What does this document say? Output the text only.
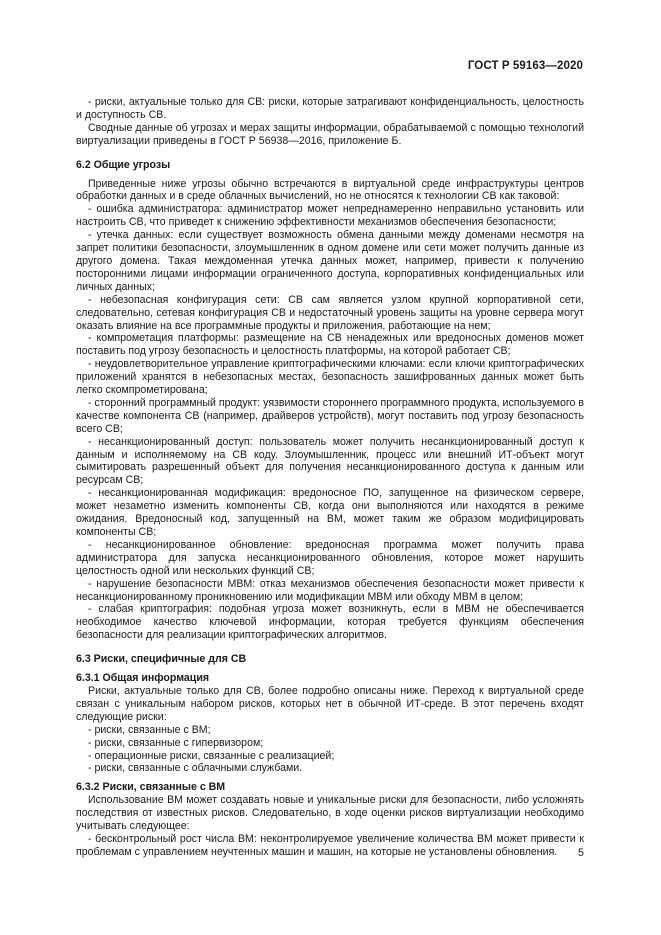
ГОСТ Р 59163—2020

- риски, актуальные только для СВ: риски, которые затрагивают конфиденциальность, целостность и доступность СВ.

Сводные данные об угрозах и мерах защиты информации, обрабатываемой с помощью технологий виртуализации приведены в ГОСТ Р 56938—2016, приложение Б.

6.2 Общие угрозы

Приведенные ниже угрозы обычно встречаются в виртуальной среде инфраструктуры центров обработки данных и в среде облачных вычислений, но не относятся к технологии СВ как таковой:

- ошибка администратора: администратор может непреднамеренно неправильно установить или настроить СВ, что приведет к снижению эффективности механизмов обеспечения безопасности;

- утечка данных: если существует возможность обмена данными между доменами несмотря на запрет политики безопасности, злоумышленник в одном домене или сети может получить данные из другого домена. Такая междоменная утечка данных может, например, привести к получению посторонними лицами информации ограниченного доступа, корпоративных конфиденциальных или личных данных;

- небезопасная конфигурация сети: СВ сам является узлом крупной корпоративной сети, следовательно, сетевая конфигурация СВ и недостаточный уровень защиты на уровне сервера могут оказать влияние на все программные продукты и приложения, работающие на нем;

- компрометация платформы: размещение на СВ ненадежных или вредоносных доменов может поставить под угрозу безопасность и целостность платформы, на которой работает СВ;

- неудовлетворительное управление криптографическими ключами: если ключи криптографических приложений хранятся в небезопасных местах, безопасность зашифрованных данных может быть легко скомпрометирована;

- сторонний программный продукт: уязвимости стороннего программного продукта, используемого в качестве компонента СВ (например, драйверов устройств), могут поставить под угрозу безопасность всего СВ;

- несанкционированный доступ: пользователь может получить несанкционированный доступ к данным и исполняемому на СВ коду. Злоумышленник, процесс или внешний ИТ-объект могут сымитировать разрешенный объект для получения несанкционированного доступа к данным или ресурсам СВ;

- несанкционированная модификация: вредоносное ПО, запущенное на физическом сервере, может незаметно изменить компоненты СВ, когда они выполняются или находятся в режиме ожидания. Вредоносный код, запущенный на ВМ, может таким же образом модифицировать компоненты СВ;

- несанкционированное обновление: вредоносная программа может получить права администратора для запуска несанкционированного обновления, которое может нарушить целостность одной или нескольких функций СВ;

- нарушение безопасности МВМ: отказ механизмов обеспечения безопасности может привести к несанкционированному проникновению или модификации МВМ или обходу МВМ в целом;

- слабая криптография: подобная угроза может возникнуть, если в МВМ не обеспечивается необходимое качество ключевой информации, которая требуется функциям обеспечения безопасности для реализации криптографических алгоритмов.

6.3 Риски, специфичные для СВ

6.3.1 Общая информация

Риски, актуальные только для СВ, более подробно описаны ниже. Переход к виртуальной среде связан с уникальным набором рисков, которых нет в обычной ИТ-среде. В этот перечень входят следующие риски:

- риски, связанные с ВМ;

- риски, связанные с гипервизором;

- операционные риски, связанные с реализацией;

- риски, связанные с облачными службами.

6.3.2 Риски, связанные с ВМ

Использование ВМ может создавать новые и уникальные риски для безопасности, либо усложнять последствия от известных рисков. Следовательно, в ходе оценки рисков виртуализации необходимо учитывать следующее:

- бесконтрольный рост числа ВМ: неконтролируемое увеличение количества ВМ может привести к проблемам с управлением неучтенных машин и машин, на которые не установлены обновления.	5
